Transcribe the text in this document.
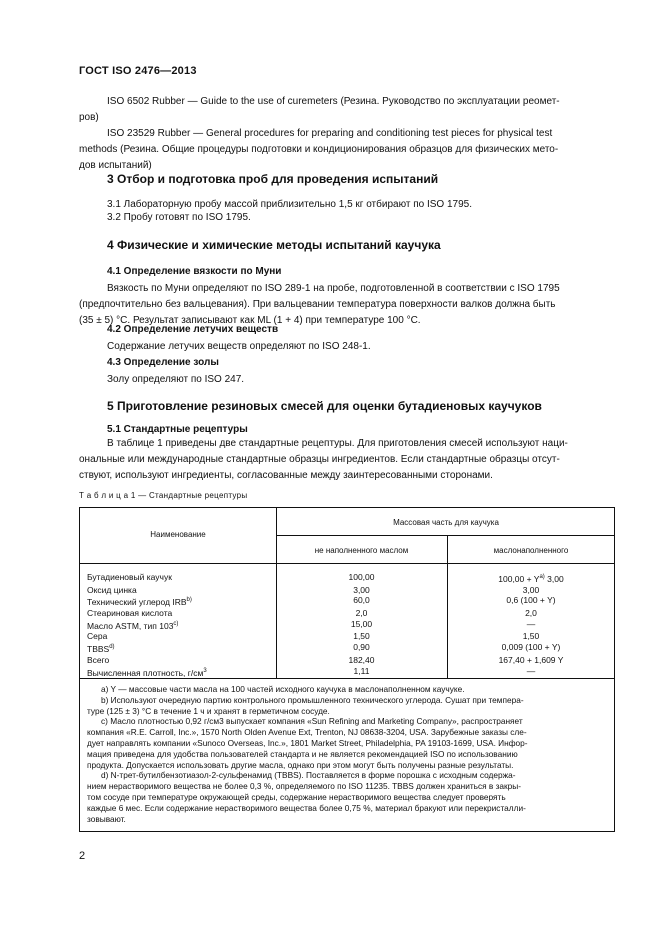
ГОСТ ISO 2476—2013
ISO 6502 Rubber — Guide to the use of curemeters (Резина. Руководство по эксплуатации реомет-
ров)
ISO 23529 Rubber — General procedures for preparing and conditioning test pieces for physical test
methods (Резина. Общие процедуры подготовки и кондиционирования образцов для физических мето-
дов испытаний)
3 Отбор и подготовка проб для проведения испытаний
3.1 Лабораторную пробу массой приблизительно 1,5 кг отбирают по ISO 1795.
3.2 Пробу готовят по ISO 1795.
4 Физические и химические методы испытаний каучука
4.1 Определение вязкости по Муни
Вязкость по Муни определяют по ISO 289-1 на пробе, подготовленной в соответствии с ISO 1795
(предпочтительно без вальцевания). При вальцевании температура поверхности валков должна быть
(35 ± 5) °С. Результат записывают как ML (1 + 4) при температуре 100 °С.
4.2 Определение летучих веществ
Содержание летучих веществ определяют по ISO 248-1.
4.3 Определение золы
Золу определяют по ISO 247.
5 Приготовление резиновых смесей для оценки бутадиеновых каучуков
5.1 Стандартные рецептуры
В таблице 1 приведены две стандартные рецептуры. Для приготовления смесей используют наци-
ональные или международные стандартные образцы ингредиентов. Если стандартные образцы отсут-
ствуют, используют ингредиенты, согласованные между заинтересованными сторонами.
Т а б л и ц а 1 — Стандартные рецептуры
Наименование
Массовая часть для каучука
не наполненного маслом	маслонаполненного
Бутадиеновый каучук	100,00	$100,00 + Y^{a)}$ 3,00
Оксид цинка	3,00	3,00
Технический углерод IRB$^{b)}$	60,0	0,6 (100 + Y)
Стеариновая кислота	2,0	2,0
Масло ASTM, тип 103$^{c)}$	15,00	—
Сера	1,50	1,50
TBBS$^{d)}$	0,90	0,009 (100 + Y)
Всего	182,40	167,40 + 1,609 Y
Вычисленная плотность, $г/см^3$	1,11	—
a) Y — массовые части масла на 100 частей исходного каучука в маслонаполненном каучуке.
b) Используют очередную партию контрольного промышленного технического углерода. Сушат при темпера-
туре (125 ± 3) °С в течение 1 ч и хранят в герметичном сосуде.
c) Масло плотностью 0,92 г/см3 выпускает компания «Sun Refining and Marketing Company», распространяет
компания «R.E. Carroll, Inc.», 1570 North Olden Avenue Ext, Trenton, NJ 08638-3204, USA. Зарубежные заказы сле-
дует направлять компании «Sunoco Overseas, Inc.», 1801 Market Street, Philadelphia, PA 19103-1699, USA. Инфор-
мация приведена для удобства пользователей стандарта и не является рекомендацией ISO по использованию
продукта. Допускается использовать другие масла, однако при этом могут быть получены разные результаты.
d) N-трет-бутилбензотиазол-2-сульфенамид (TBBS). Поставляется в форме порошка с исходным содержа-
нием нерастворимого вещества не более 0,3 %, определяемого по ISO 11235. TBBS должен храниться в закры-
том сосуде при температуре окружающей среды, содержание нерастворимого вещества следует проверять
каждые 6 мес. Если содержание нерастворимого вещества более 0,75 %, материал бракуют или перекристалли-
зовывают.
2
